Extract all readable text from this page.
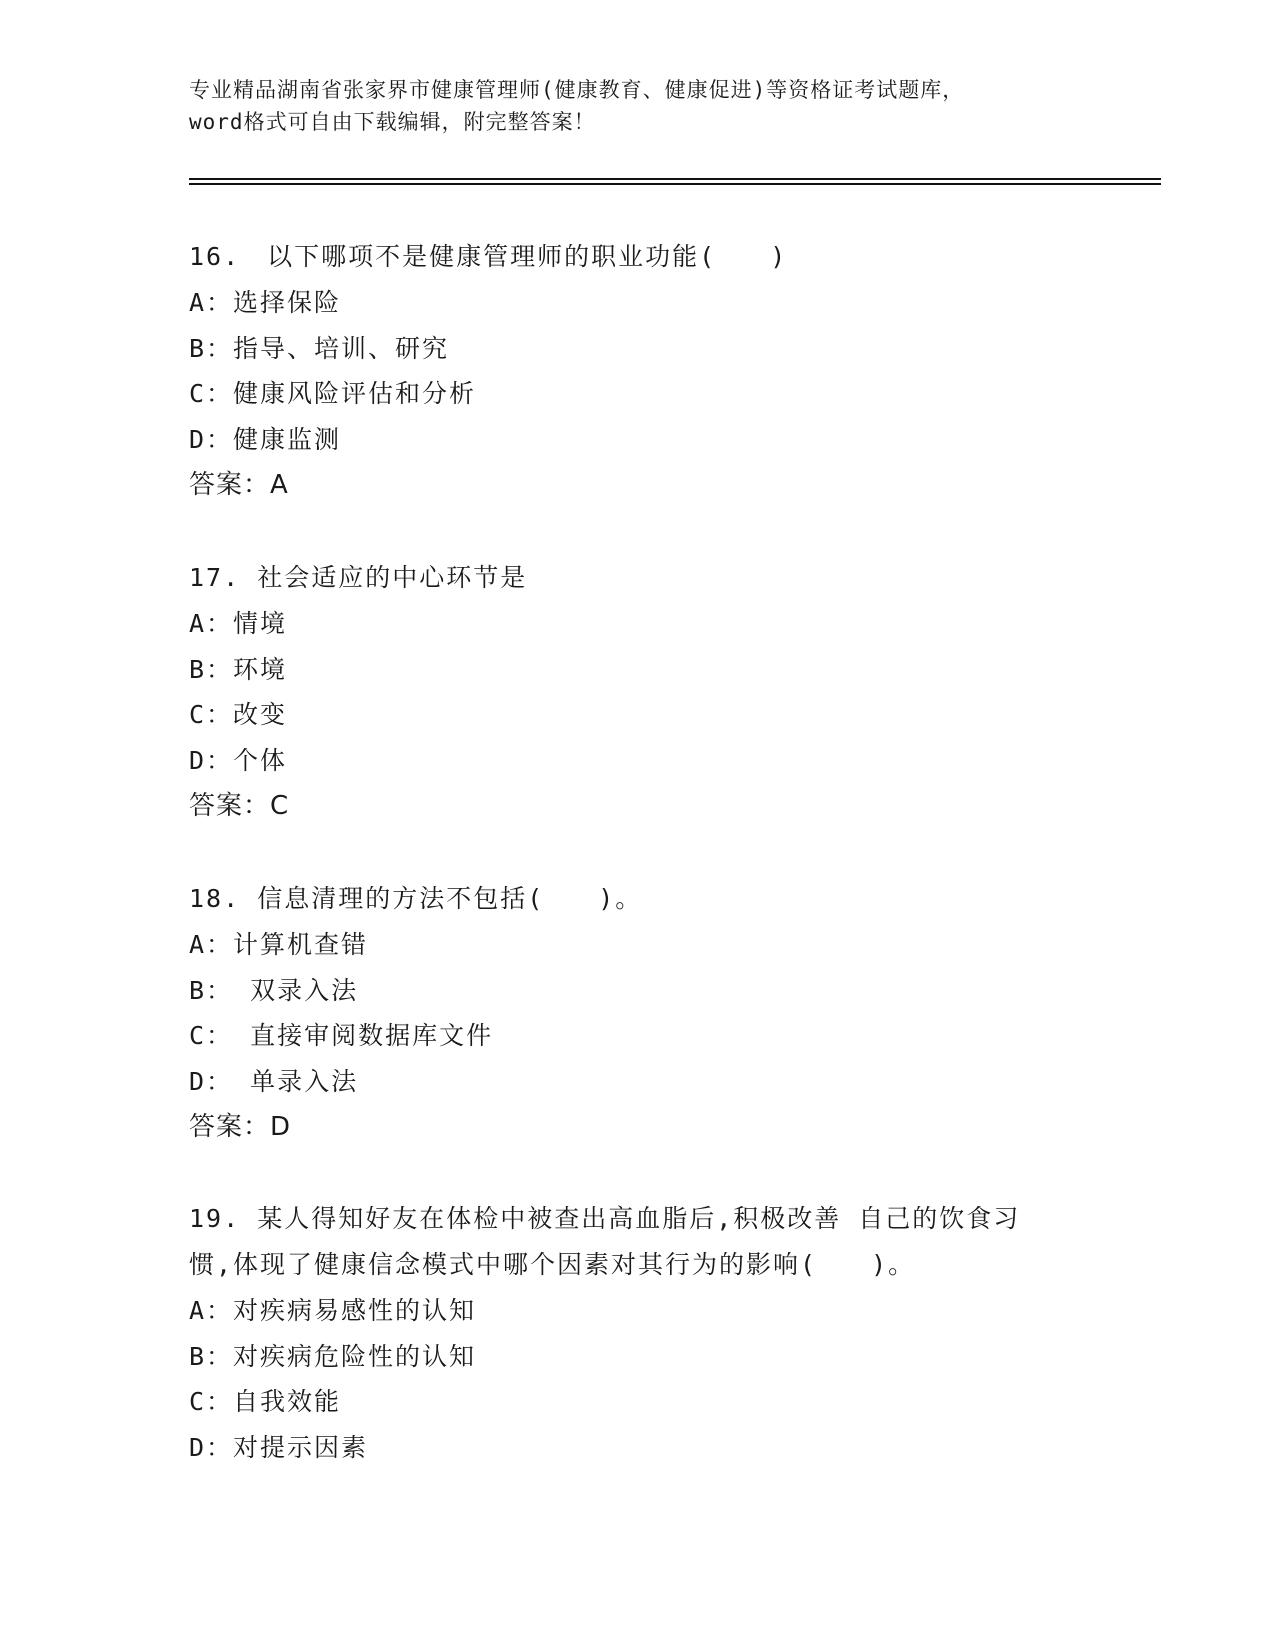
专业精品湖南省张家界市健康管理师(健康教育、健康促进)等资格证考试题库，
word格式可自由下载编辑，附完整答案！
16.　以下哪项不是健康管理师的职业功能(　　)
A：选择保险
B：指导、培训、研究
C：健康风险评估和分析
D：健康监测
答案：A
17. 社会适应的中心环节是
A：情境
B：环境
C：改变
D：个体
答案：C
18. 信息清理的方法不包括(　　)。
A：计算机查错
B： 双录入法
C： 直接审阅数据库文件
D： 单录入法
答案：D
19. 某人得知好友在体检中被查出高血脂后,积极改善 自己的饮食习
惯,体现了健康信念模式中哪个因素对其行为的影响(　　)。
A：对疾病易感性的认知
B：对疾病危险性的认知
C：自我效能
D：对提示因素
